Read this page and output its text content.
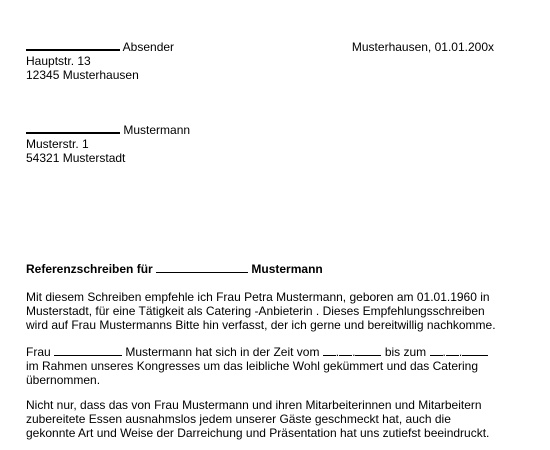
Absender
Hauptstr. 13
12345 Musterhausen
Musterhausen, 01.01.200x
Mustermann
Musterstr. 1
54321 Musterstadt
Referenzschreiben für	Mustermann
Mit diesem Schreiben empfehle ich Frau Petra Mustermann, geboren am 01.01.1960 in
Musterstadt, für eine Tätigkeit als Catering -Anbieterin . Dieses Empfehlungsschreiben
wird auf Frau Mustermanns Bitte hin verfasst, der ich gerne und bereitwillig nachkomme.
Frau	Mustermann hat sich in der Zeit vom . . bis zum . .
im Rahmen unseres Kongresses um das leibliche Wohl gekümmert und das Catering
übernommen.
Nicht nur, dass das von Frau Mustermann und ihren Mitarbeiterinnen und Mitarbeitern
zubereitete Essen ausnahmslos jedem unserer Gäste geschmeckt hat, auch die
gekonnte Art und Weise der Darreichung und Präsentation hat uns zutiefst beeindruckt.
